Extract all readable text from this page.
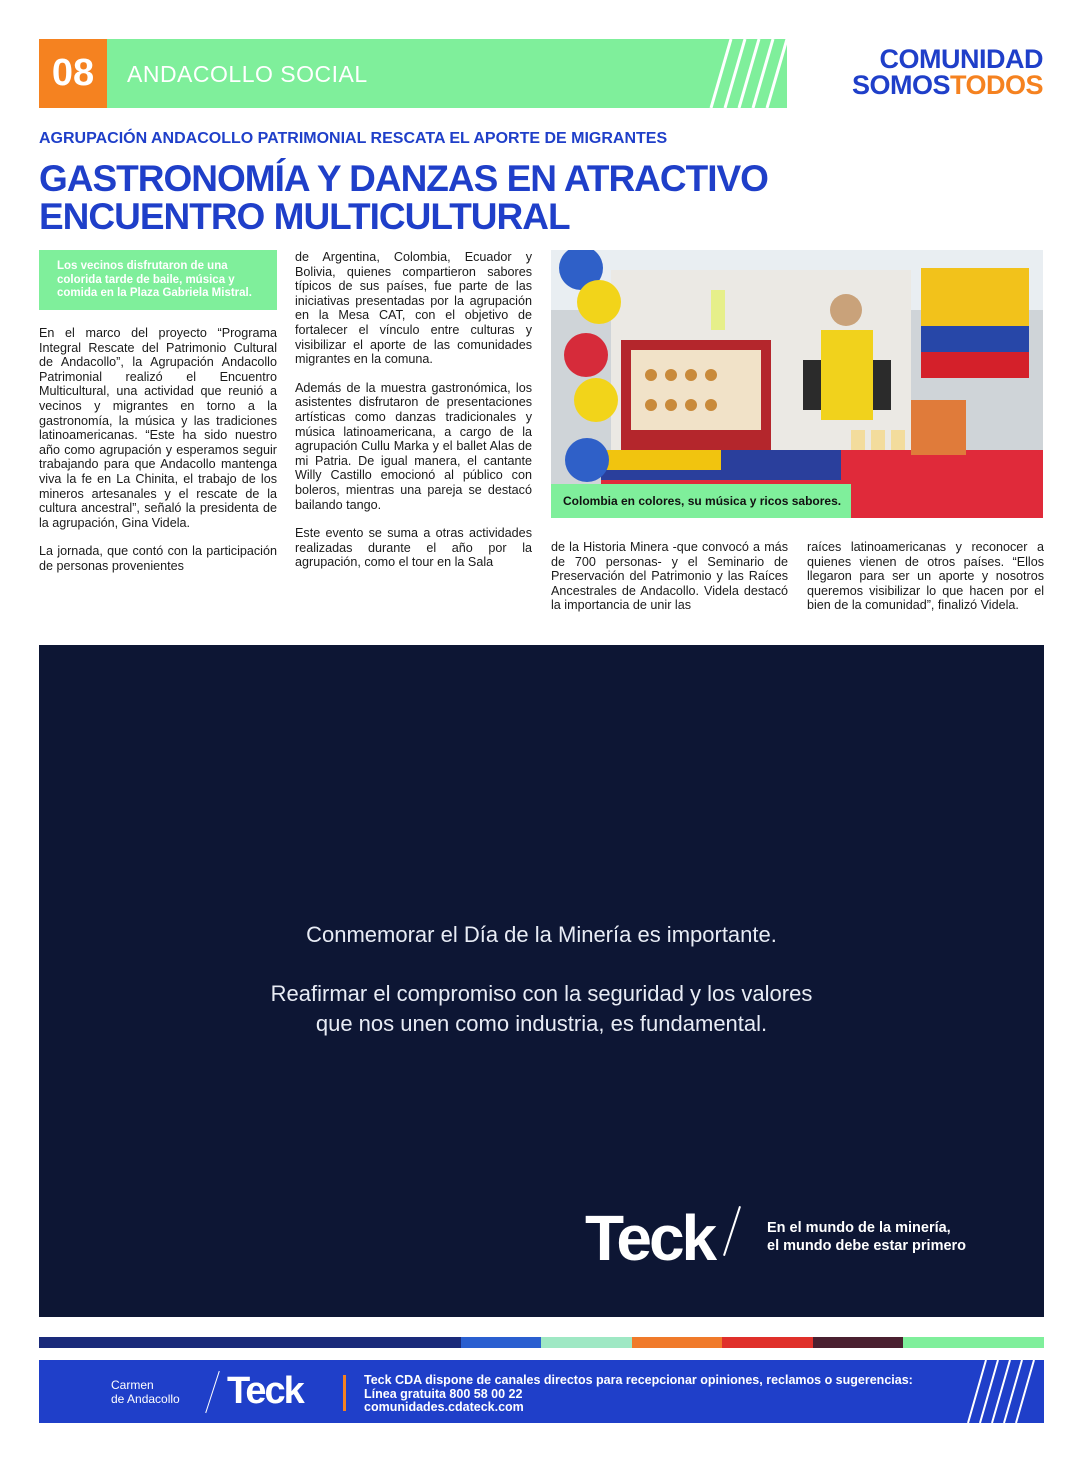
08	ANDACOLLO SOCIAL	COMUNIDAD
SOMOSTODOS
AGRUPACIÓN ANDACOLLO PATRIMONIAL RESCATA EL APORTE DE MIGRANTES
GASTRONOMÍA Y DANZAS EN ATRACTIVO ENCUENTRO MULTICULTURAL
Los vecinos disfrutaron de una colorida tarde de baile, música y comida en la Plaza Gabriela Mistral.

En el marco del proyecto “Programa Integral Rescate del Patrimonio Cultural de Andacollo”, la Agrupación Andacollo Patrimonial realizó el Encuentro Multicultural, una actividad que reunió a vecinos y migrantes en torno a la gastronomía, la música y las tradiciones latinoamericanas. “Este ha sido nuestro año como agrupación y esperamos seguir trabajando para que Andacollo mantenga viva la fe en La Chinita, el trabajo de los mineros artesanales y el rescate de la cultura ancestral”, señaló la presidenta de la agrupación, Gina Videla.

La jornada, que contó con la participación de personas provenientes

de Argentina, Colombia, Ecuador y Bolivia, quienes compartieron sabores típicos de sus países, fue parte de las iniciativas presentadas por la agrupación en la Mesa CAT, con el objetivo de fortalecer el vínculo entre culturas y visibilizar el aporte de las comunidades migrantes en la comuna.

Además de la muestra gastronómica, los asistentes disfrutaron de presentaciones artísticas como danzas tradicionales y música latinoamericana, a cargo de la agrupación Cullu Marka y el ballet Alas de mi Patria. De igual manera, el cantante Willy Castillo emocionó al público con boleros, mientras una pareja se destacó bailando tango.

Este evento se suma a otras actividades realizadas durante el año por la agrupación, como el tour en la Sala

de la Historia Minera -que convocó a más de 700 personas- y el Seminario de Preservación del Patrimonio y las Raíces Ancestrales de Andacollo. Videla destacó la importancia de unir las

raíces latinoamericanas y reconocer a quienes vienen de otros países. “Ellos llegaron para ser un aporte y nosotros queremos visibilizar lo que hacen por el bien de la comunidad”, finalizó Videla.

Colombia en colores, su música y ricos sabores.
Conmemorar el Día de la Minería es importante.
Reafirmar el compromiso con la seguridad y los valores
que nos unen como industria, es fundamental.
Teck	En el mundo de la minería,
el mundo debe estar primero
Carmen
de Andacollo Teck	Teck CDA dispone de canales directos para recepcionar opiniones, reclamos o sugerencias:
Línea gratuita 800 58 00 22
comunidades.cdateck.com
